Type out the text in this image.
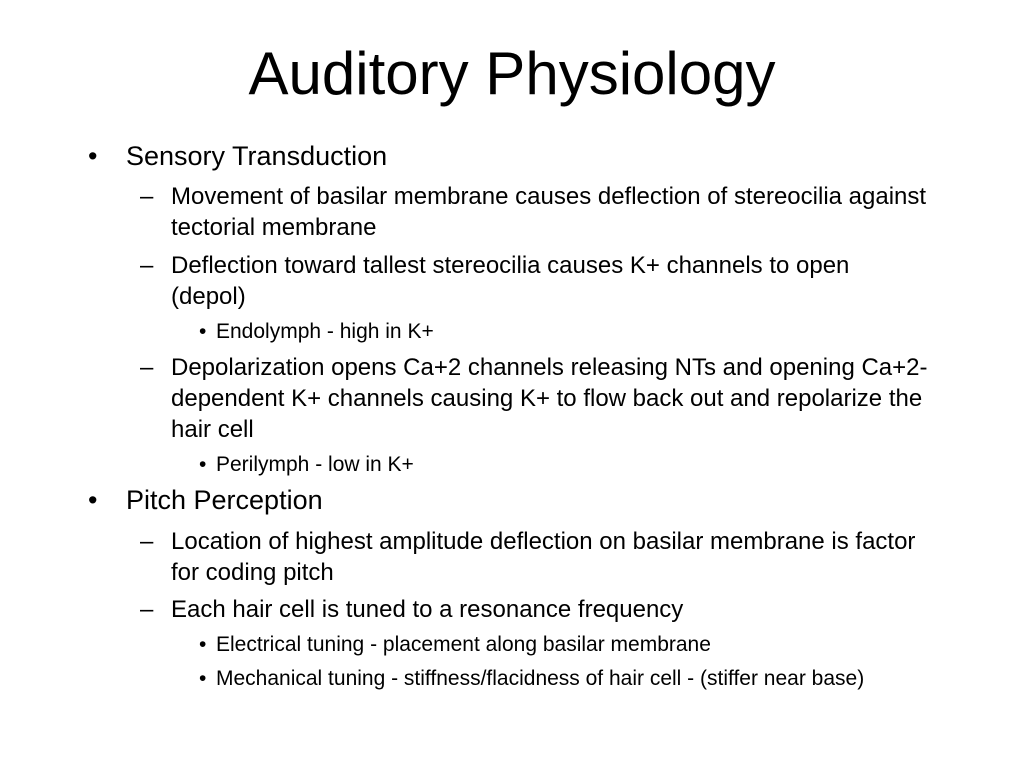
Auditory Physiology
• Sensory Transduction
– Movement of basilar membrane causes deflection of stereocilia against tectorial membrane
– Deflection toward tallest stereocilia causes K+ channels to open (depol)
• Endolymph - high in K+
– Depolarization opens Ca+2 channels releasing NTs and opening Ca+2-dependent K+ channels causing K+ to flow back out and repolarize the hair cell
• Perilymph - low in K+
• Pitch Perception
– Location of highest amplitude deflection on basilar membrane is factor for coding pitch
– Each hair cell is tuned to a resonance frequency
• Electrical tuning - placement along basilar membrane
• Mechanical tuning - stiffness/flacidness of hair cell - (stiffer near base)
